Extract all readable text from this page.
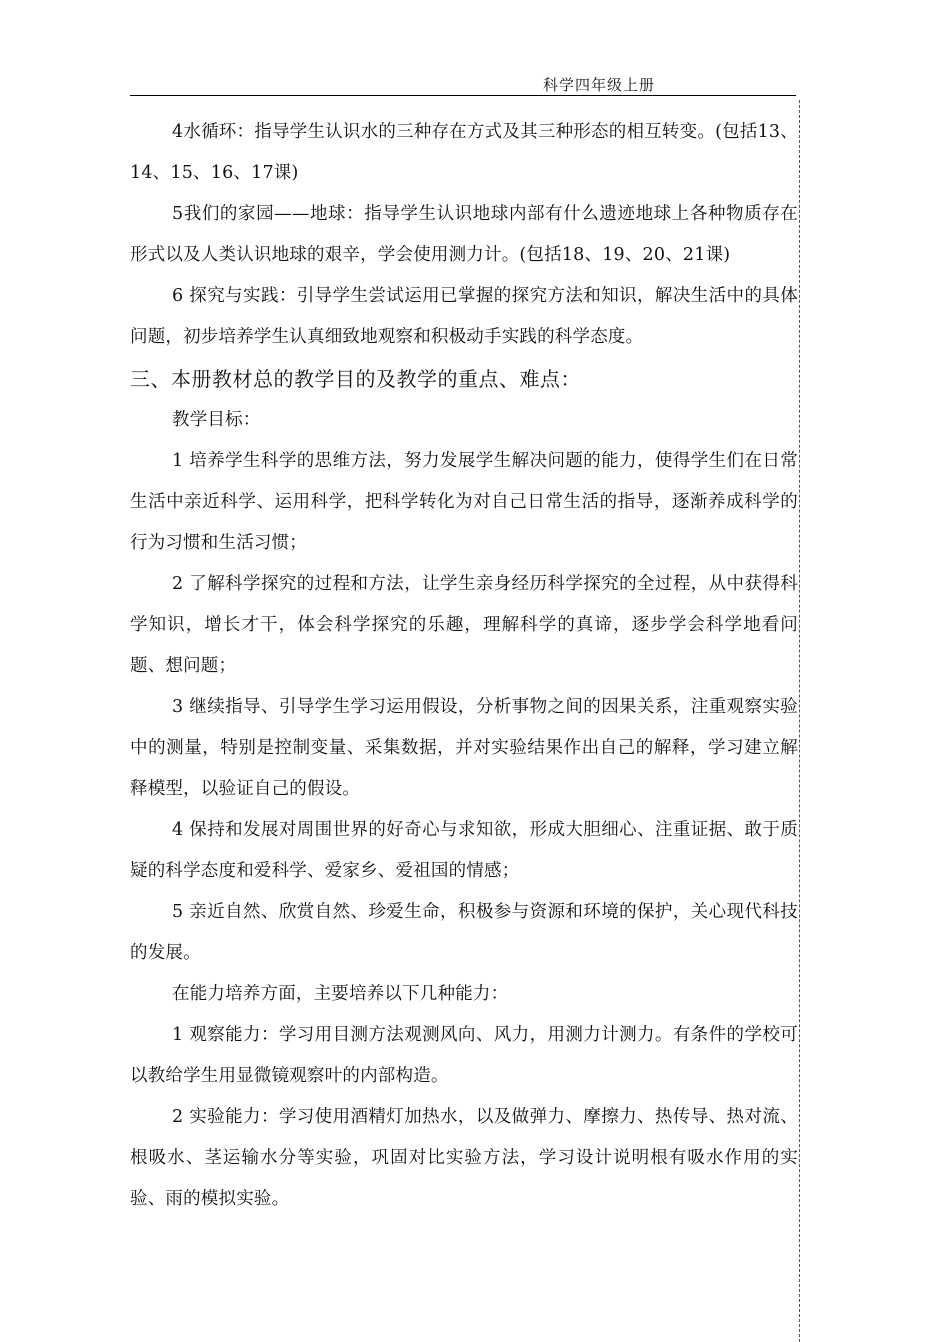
科学四年级上册

4水循环：指导学生认识水的三种存在方式及其三种形态的相互转变。(包括13、14、15、16、17课)

5我们的家园——地球：指导学生认识地球内部有什么遗迹地球上各种物质存在形式以及人类认识地球的艰辛，学会使用测力计。(包括18、19、20、21课)

6 探究与实践：引导学生尝试运用已掌握的探究方法和知识，解决生活中的具体问题，初步培养学生认真细致地观察和积极动手实践的科学态度。

三、本册教材总的教学目的及教学的重点、难点：

教学目标：

1 培养学生科学的思维方法，努力发展学生解决问题的能力，使得学生们在日常生活中亲近科学、运用科学，把科学转化为对自己日常生活的指导，逐渐养成科学的行为习惯和生活习惯；

2 了解科学探究的过程和方法，让学生亲身经历科学探究的全过程，从中获得科学知识，增长才干，体会科学探究的乐趣，理解科学的真谛，逐步学会科学地看问题、想问题；

3 继续指导、引导学生学习运用假设，分析事物之间的因果关系，注重观察实验中的测量，特别是控制变量、采集数据，并对实验结果作出自己的解释，学习建立解释模型，以验证自己的假设。

4 保持和发展对周围世界的好奇心与求知欲，形成大胆细心、注重证据、敢于质疑的科学态度和爱科学、爱家乡、爱祖国的情感；

5 亲近自然、欣赏自然、珍爱生命，积极参与资源和环境的保护，关心现代科技的发展。

在能力培养方面，主要培养以下几种能力：

1 观察能力：学习用目测方法观测风向、风力，用测力计测力。有条件的学校可以教给学生用显微镜观察叶的内部构造。

2 实验能力：学习使用酒精灯加热水，以及做弹力、摩擦力、热传导、热对流、根吸水、茎运输水分等实验，巩固对比实验方法，学习设计说明根有吸水作用的实验、雨的模拟实验。
